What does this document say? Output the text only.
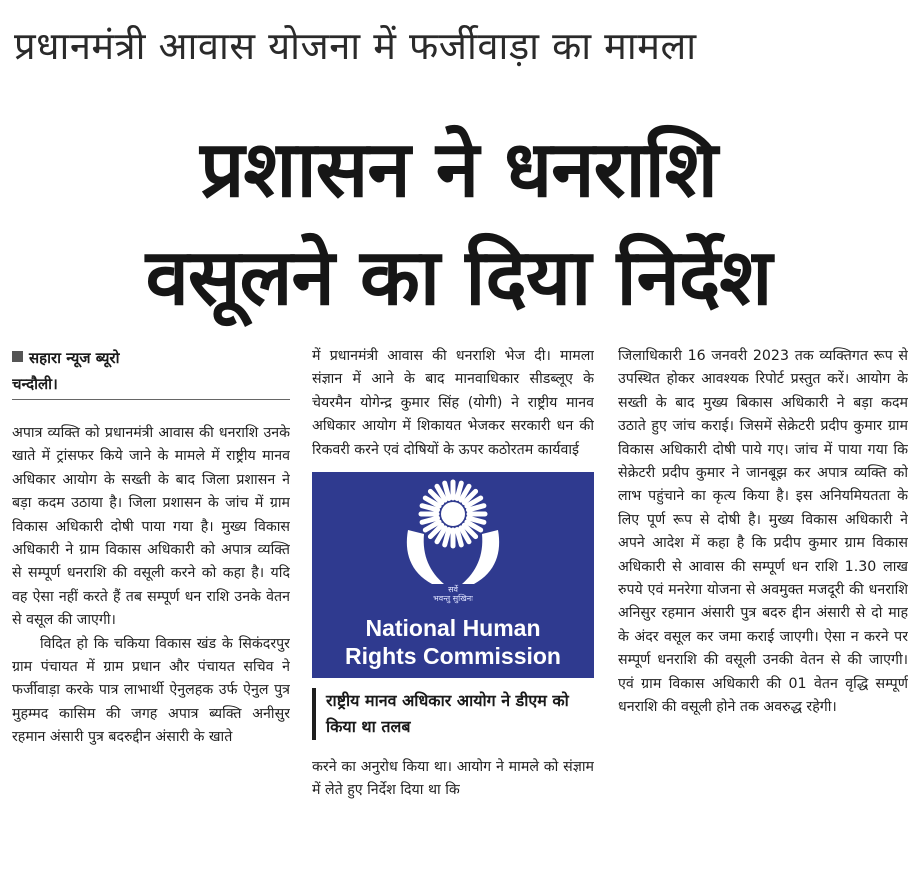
प्रधानमंत्री आवास योजना में फर्जीवाड़ा का मामला
प्रशासन ने धनराशि
वसूलने का दिया निर्देश
सहारा न्यूज ब्यूरो
चन्दौली।

अपात्र व्यक्ति को प्रधानमंत्री आवास की धनराशि उनके खाते में ट्रांसफर किये जाने के मामले में राष्ट्रीय मानव अधिकार आयोग के सख्ती के बाद जिला प्रशासन ने बड़ा कदम उठाया है। जिला प्रशासन के जांच में ग्राम विकास अधिकारी दोषी पाया गया है। मुख्य विकास अधिकारी ने ग्राम विकास अधिकारी को अपात्र व्यक्ति से सम्पूर्ण धनराशि की वसूली करने को कहा है। यदि वह ऐसा नहीं करते हैं तब सम्पूर्ण धन राशि उनके वेतन से वसूल की जाएगी।

विदित हो कि चकिया विकास खंड के सिकंदरपुर ग्राम पंचायत में ग्राम प्रधान और पंचायत सचिव ने फर्जीवाड़ा करके पात्र लाभार्थी ऐनुलहक उर्फ ऐनुल पुत्र मुहम्मद कासिम की जगह अपात्र ब्यक्ति अनीसुर रहमान अंसारी पुत्र बदरुद्दीन अंसारी के खाते

में प्रधानमंत्री आवास की धनराशि भेज दी। मामला संज्ञान में आने के बाद मानवाधिकार सीडब्लूए के चेयरमैन योगेन्द्र कुमार सिंह (योगी) ने राष्ट्रीय मानव अधिकार आयोग में शिकायत भेजकर सरकारी धन की रिकवरी करने एवं दोषियों के ऊपर कठोरतम कार्यवाई

सर्वे
भवन्तु सुखिनः
National Human
Rights Commission
राष्ट्रीय मानव अधिकार आयोग ने डीएम को किया था तलब

करने का अनुरोध किया था। आयोग ने मामले को संज्ञाम में लेते हुए निर्देश दिया था कि

जिलाधिकारी 16 जनवरी 2023 तक व्यक्तिगत रूप से उपस्थित होकर आवश्यक रिपोर्ट प्रस्तुत करें। आयोग के सख्ती के बाद मुख्य बिकास अधिकारी ने बड़ा कदम उठाते हुए जांच कराई। जिसमें सेक्रेटरी प्रदीप कुमार ग्राम विकास अधिकारी दोषी पाये गए। जांच में पाया गया कि सेक्रेटरी प्रदीप कुमार ने जानबूझ कर अपात्र व्यक्ति को लाभ पहुंचाने का कृत्य किया है। इस अनियमियतता के लिए पूर्ण रूप से दोषी है। मुख्य विकास अधिकारी ने अपने आदेश में कहा है कि प्रदीप कुमार ग्राम विकास अधिकारी से आवास की सम्पूर्ण धन राशि 1.30 लाख रुपये एवं मनरेगा योजना से अवमुक्त मजदूरी की धनराशि अनिसुर रहमान अंसारी पुत्र बदरु द्दीन अंसारी से दो माह के अंदर वसूल कर जमा कराई जाएगी। ऐसा न करने पर सम्पूर्ण धनराशि की वसूली उनकी वेतन से की जाएगी। एवं ग्राम विकास अधिकारी की 01 वेतन वृद्धि सम्पूर्ण धनराशि की वसूली होने तक अवरुद्ध रहेगी।
